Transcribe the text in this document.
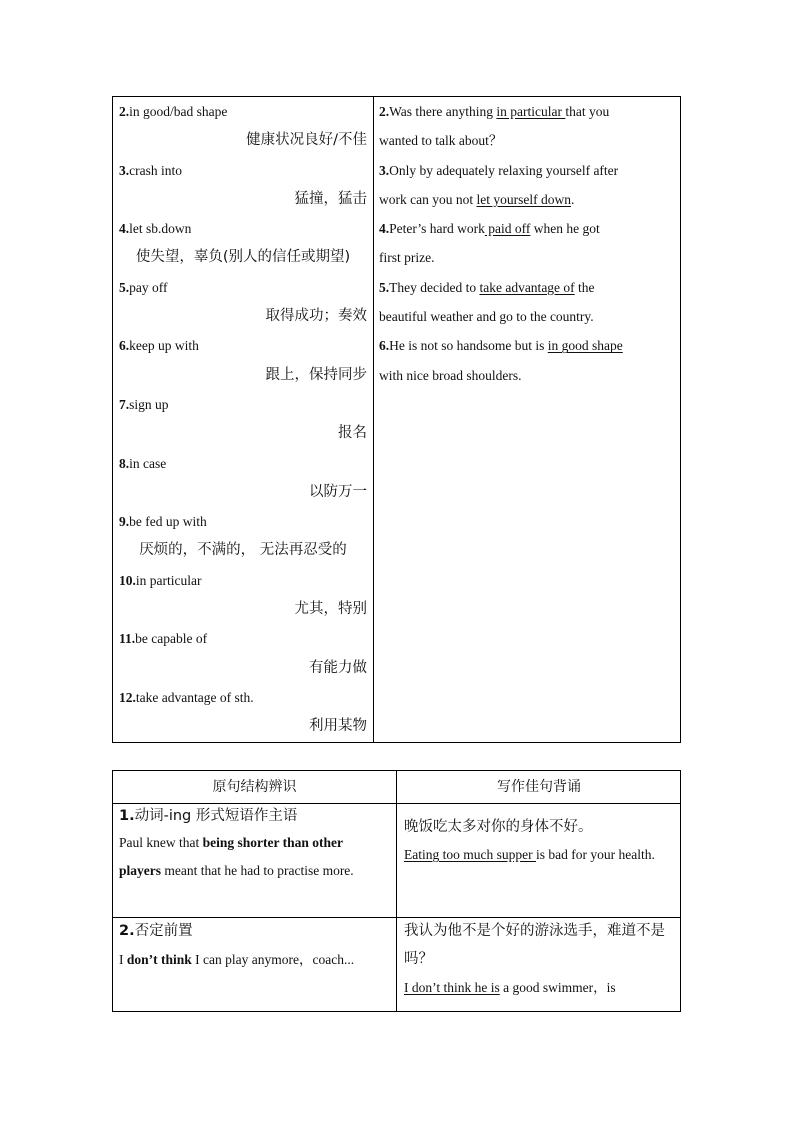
2.in good/bad shape
健康状况良好/不佳
3.crash into
猛撞，猛击
4.let sb.down
使失望，辜负(别人的信任或期望)
5.pay off
取得成功；奏效
6.keep up with
跟上，保持同步
7.sign up
报名
8.in case
以防万一
9.be fed up with
厌烦的，不满的， 无法再忍受的
10.in particular
尤其，特别
11.be capable of
有能力做
12.take advantage of sth.
利用某物
2.Was there anything in particular that you
wanted to talk about？
3.Only by adequately relaxing yourself after
work can you not let yourself down.
4.Peter’s hard work paid off when he got
first prize.
5.They decided to take advantage of the
beautiful weather and go to the country.
6.He is not so handsome but is in good shape
with nice broad shoulders.
原句结构辨识	写作佳句背诵
1.动词-ing 形式短语作主语
Paul knew that being shorter than other players meant that he had to practise more.
晚饭吃太多对你的身体不好。
Eating too much supper is bad for your health.
2.否定前置
I don’t think I can play anymore，coach...
我认为他不是个好的游泳选手，难道不是吗？
I don’t think he is a good swimmer，is
